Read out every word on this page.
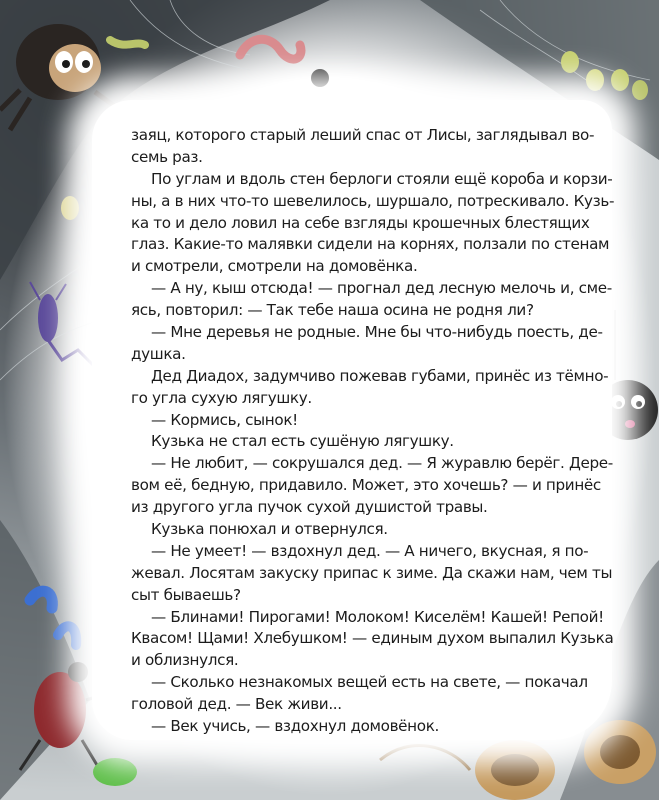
заяц, которого старый леший спас от Лисы, заглядывал во-
семь раз.
По углам и вдоль стен берлоги стояли ещё короба и корзи-
ны, а в них что-то шевелилось, шуршало, потрескивало. Кузь-
ка то и дело ловил на себе взгляды крошечных блестящих
глаз. Какие-то малявки сидели на корнях, ползали по стенам
и смотрели, смотрели на домовёнка.
— А ну, кыш отсюда! — прогнал дед лесную мелочь и, сме-
ясь, повторил: — Так тебе наша осина не родня ли?
— Мне деревья не родные. Мне бы что-нибудь поесть, де-
душка.
Дед Диадох, задумчиво пожевав губами, принёс из тёмно-
го угла сухую лягушку.
— Кормись, сынок!
Кузька не стал есть сушёную лягушку.
— Не любит, — сокрушался дед. — Я журавлю берёг. Дере-
вом её, бедную, придавило. Может, это хочешь? — и принёс
из другого угла пучок сухой душистой травы.
Кузька понюхал и отвернулся.
— Не умеет! — вздохнул дед. — А ничего, вкусная, я по-
жевал. Лосятам закуску припас к зиме. Да скажи нам, чем ты
сыт бываешь?
— Блинами! Пирогами! Молоком! Киселём! Кашей! Репой!
Квасом! Щами! Хлебушком! — единым духом выпалил Кузька
и облизнулся.
— Сколько незнакомых вещей есть на свете, — покачал
головой дед. — Век живи...
— Век учись, — вздохнул домовёнок.
